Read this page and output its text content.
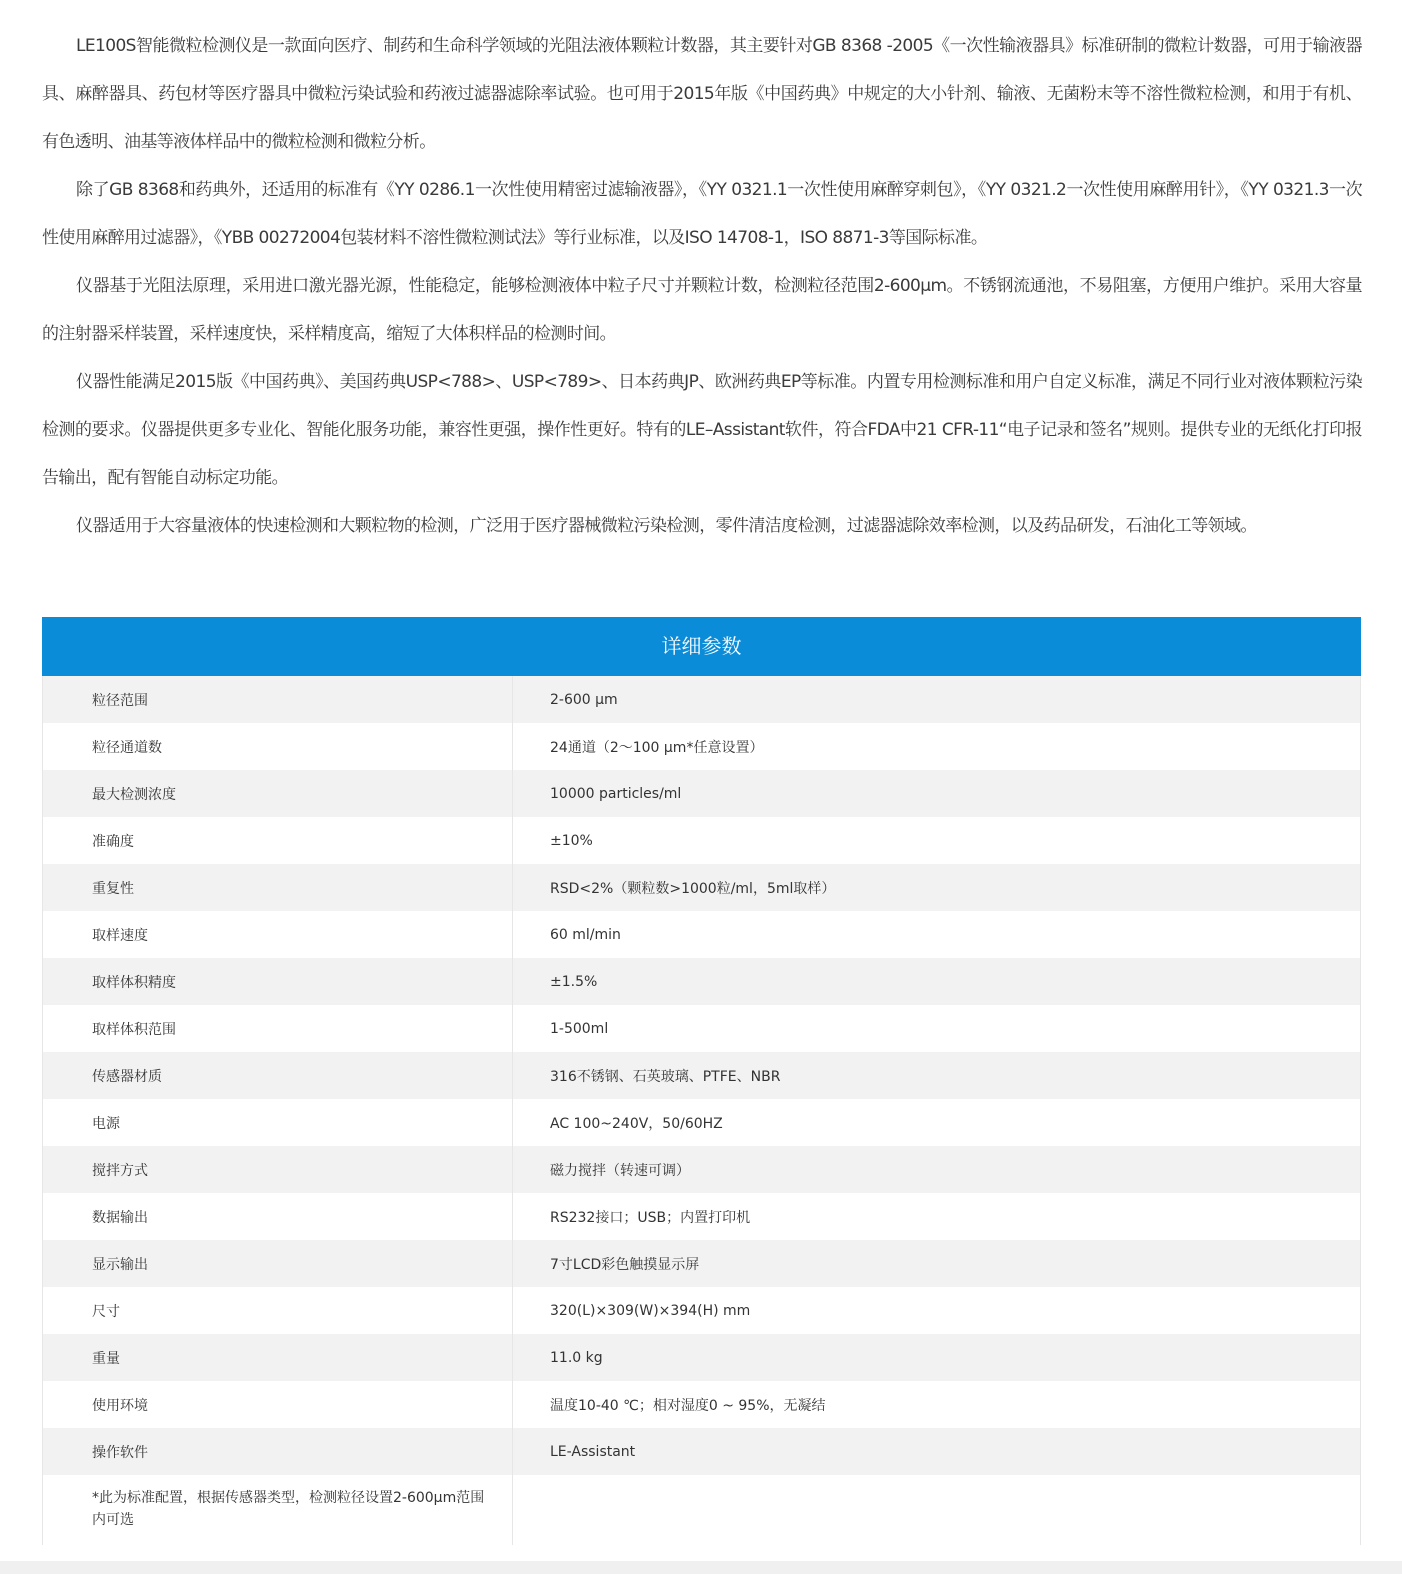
LE100S智能微粒检测仪是一款面向医疗、制药和生命科学领域的光阻法液体颗粒计数器，其主要针对GB 8368 -2005《一次性输液器具》标准研制的微粒计数器，可用于输液器具、麻醉器具、药包材等医疗器具中微粒污染试验和药液过滤器滤除率试验。也可用于2015年版《中国药典》中规定的大小针剂、输液、无菌粉末等不溶性微粒检测，和用于有机、有色透明、油基等液体样品中的微粒检测和微粒分析。

除了GB 8368和药典外，还适用的标准有《YY 0286.1一次性使用精密过滤输液器》，《YY 0321.1一次性使用麻醉穿刺包》，《YY 0321.2一次性使用麻醉用针》，《YY 0321.3一次性使用麻醉用过滤器》，《YBB 00272004包装材料不溶性微粒测试法》等行业标准，以及ISO 14708-1，ISO 8871-3等国际标准。

仪器基于光阻法原理，采用进口激光器光源，性能稳定，能够检测液体中粒子尺寸并颗粒计数，检测粒径范围2-600μm。不锈钢流通池，不易阻塞，方便用户维护。采用大容量的注射器采样装置，采样速度快，采样精度高，缩短了大体积样品的检测时间。

仪器性能满足2015版《中国药典》、美国药典USP<788>、USP<789>、日本药典JP、欧洲药典EP等标准。内置专用检测标准和用户自定义标准，满足不同行业对液体颗粒污染检测的要求。仪器提供更多专业化、智能化服务功能，兼容性更强，操作性更好。特有的LE–Assistant软件，符合FDA中21 CFR-11“电子记录和签名”规则。提供专业的无纸化打印报告输出，配有智能自动标定功能。

仪器适用于大容量液体的快速检测和大颗粒物的检测，广泛用于医疗器械微粒污染检测，零件清洁度检测，过滤器滤除效率检测，以及药品研发，石油化工等领域。

详细参数
粒径范围	2-600 μm
粒径通道数	24通道（2～100 μm*任意设置）
最大检测浓度	10000 particles/ml
准确度	±10%
重复性	RSD<2%（颗粒数>1000粒/ml，5ml取样）
取样速度	60 ml/min
取样体积精度	±1.5%
取样体积范围	1-500ml
传感器材质	316不锈钢、石英玻璃、PTFE、NBR
电源	AC 100~240V，50/60HZ
搅拌方式	磁力搅拌（转速可调）
数据输出	RS232接口；USB；内置打印机
显示输出	7寸LCD彩色触摸显示屏
尺寸	320(L)×309(W)×394(H) mm
重量	11.0 kg
使用环境	温度10-40 ℃；相对湿度0 ~ 95%，无凝结
操作软件	LE-Assistant
*此为标准配置，根据传感器类型，检测粒径设置2-600μm范围内可选
